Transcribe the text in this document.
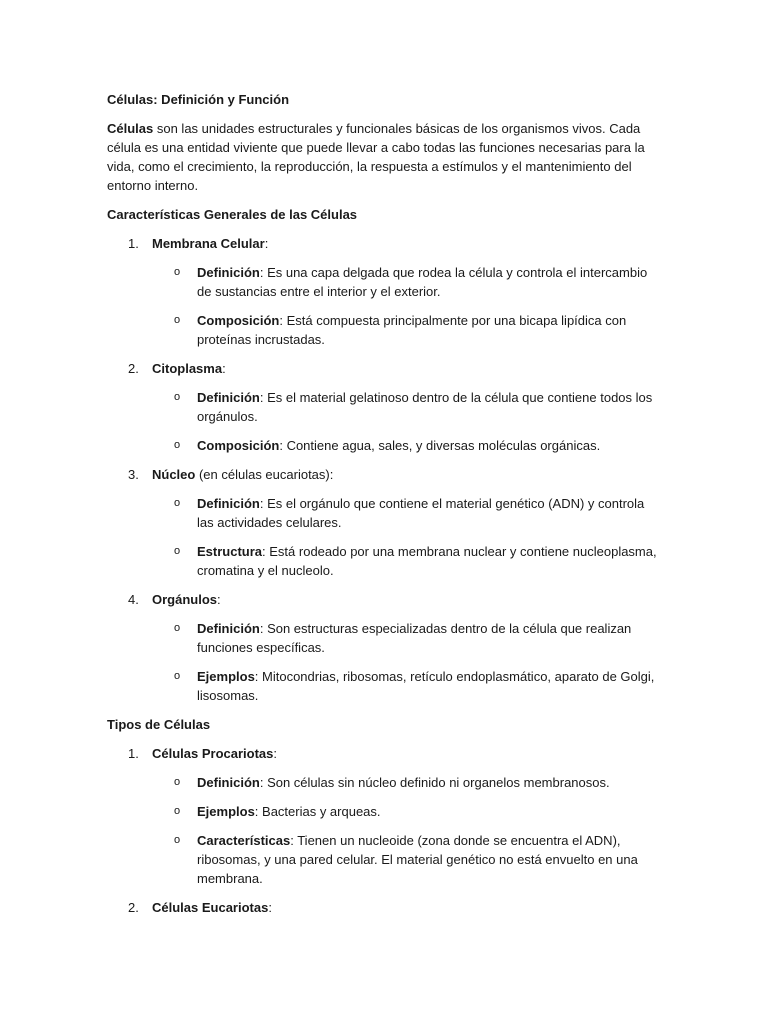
Células: Definición y Función

Células son las unidades estructurales y funcionales básicas de los organismos vivos. Cada célula es una entidad viviente que puede llevar a cabo todas las funciones necesarias para la vida, como el crecimiento, la reproducción, la respuesta a estímulos y el mantenimiento del entorno interno.

Características Generales de las Células

1. Membrana Celular:
o Definición: Es una capa delgada que rodea la célula y controla el intercambio de sustancias entre el interior y el exterior.
o Composición: Está compuesta principalmente por una bicapa lipídica con proteínas incrustadas.
2. Citoplasma:
o Definición: Es el material gelatinoso dentro de la célula que contiene todos los orgánulos.
o Composición: Contiene agua, sales, y diversas moléculas orgánicas.
3. Núcleo (en células eucariotas):
o Definición: Es el orgánulo que contiene el material genético (ADN) y controla las actividades celulares.
o Estructura: Está rodeado por una membrana nuclear y contiene nucleoplasma, cromatina y el nucleolo.
4. Orgánulos:
o Definición: Son estructuras especializadas dentro de la célula que realizan funciones específicas.
o Ejemplos: Mitocondrias, ribosomas, retículo endoplasmático, aparato de Golgi, lisosomas.

Tipos de Células

1. Células Procariotas:
o Definición: Son células sin núcleo definido ni organelos membranosos.
o Ejemplos: Bacterias y arqueas.
o Características: Tienen un nucleoide (zona donde se encuentra el ADN), ribosomas, y una pared celular. El material genético no está envuelto en una membrana.
2. Células Eucariotas:
